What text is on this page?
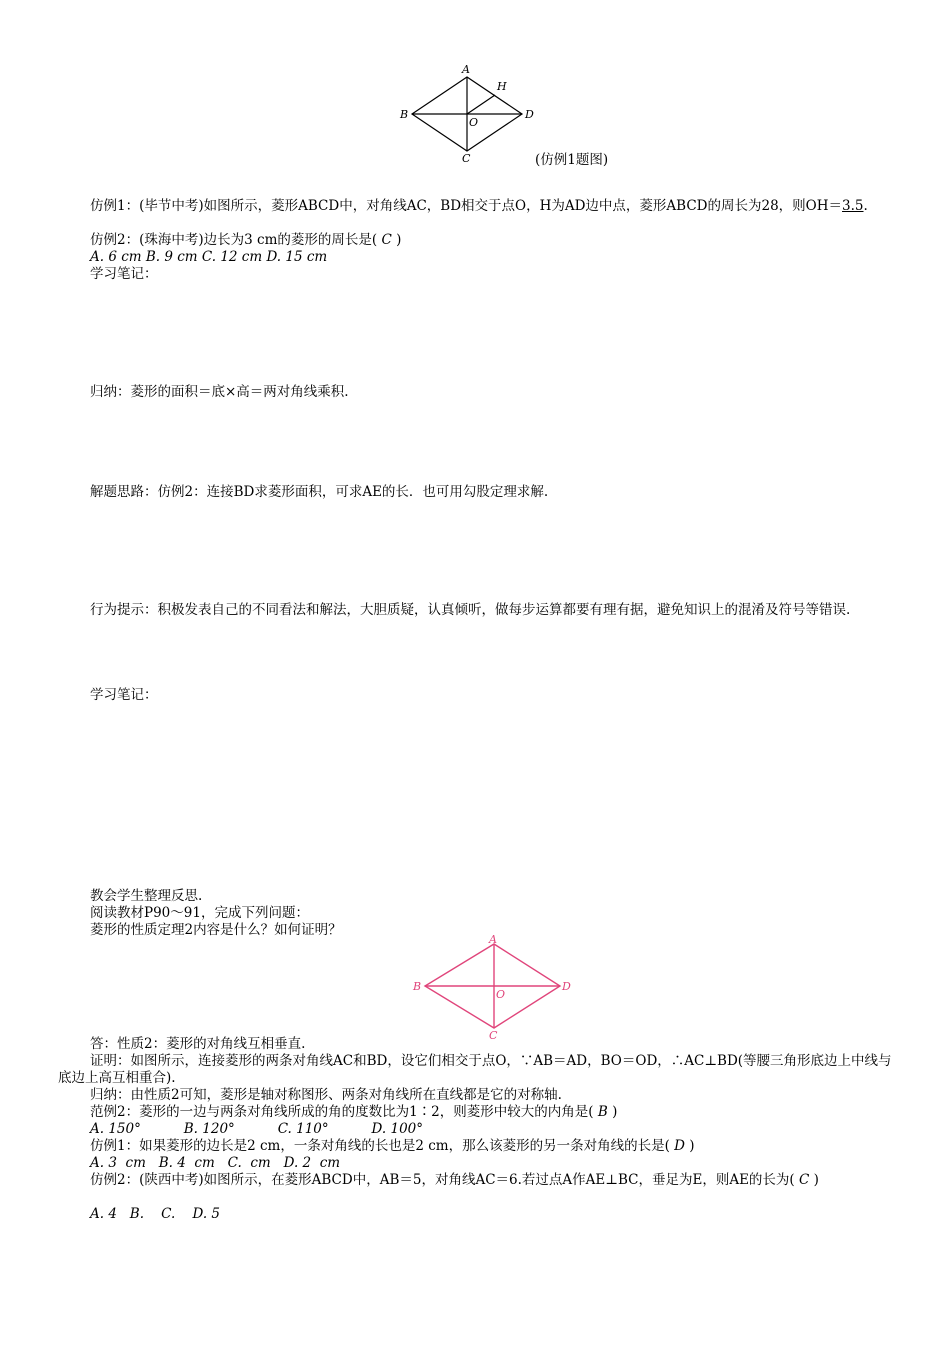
A
B
C
D
O
H
(仿例1题图)
仿例1：(毕节中考)如图所示，菱形ABCD中，对角线AC，BD相交于点O，H为AD边中点，菱形ABCD的周长为28，则OH＝3.5.
仿例2：(珠海中考)边长为3 cm的菱形的周长是( C )
A. 6 cm B. 9 cm C. 12 cm D. 15 cm
学习笔记：
归纳：菱形的面积＝底×高＝两对角线乘积.
解题思路：仿例2：连接BD求菱形面积，可求AE的长．也可用勾股定理求解.
行为提示：积极发表自己的不同看法和解法，大胆质疑，认真倾听，做每步运算都要有理有据，避免知识上的混淆及符号等错误.
学习笔记：
教会学生整理反思.
阅读教材P90～91，完成下列问题：
菱形的性质定理2内容是什么？如何证明？
A
B
C
D
O
答：性质2：菱形的对角线互相垂直.
证明：如图所示，连接菱形的两条对角线AC和BD，设它们相交于点O，∵AB＝AD，BO＝OD，∴AC⊥BD(等腰三角形底边上中线与底边上高互相重合).
归纳：由性质2可知，菱形是轴对称图形、两条对角线所在直线都是它的对称轴.
范例2：菱形的一边与两条对角线所成的角的度数比为1∶2，则菱形中较大的内角是( B )
A. 150°          B. 120°          C. 110°          D. 100°
仿例1：如果菱形的边长是2 cm，一条对角线的长也是2 cm，那么该菱形的另一条对角线的长是( D )
A. 3  cm   B. 4  cm   C.  cm   D. 2  cm
仿例2：(陕西中考)如图所示，在菱形ABCD中，AB＝5，对角线AC＝6.若过点A作AE⊥BC，垂足为E，则AE的长为( C )
A. 4   B.    C.    D. 5
